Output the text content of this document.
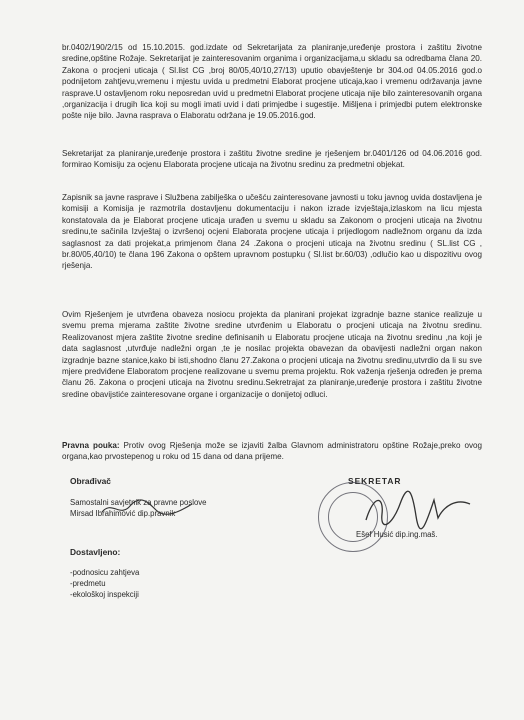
br.0402/190/2/15 od 15.10.2015. god.izdate od Sekretarijata za planiranje,uređenje prostora i zaštitu životne sredine,opštine Rožaje. Sekretarijat je zainteresovanim organima i organizacijama,u skladu sa odredbama člana 20. Zakona o procjeni uticaja ( Sl.list CG ,broj 80/05,40/10,27/13) uputio obavještenje br 304.od 04.05.2016 god.o podnijetom zahtjevu,vremenu i mjestu uvida u predmetni Elaborat procjene uticaja,kao i vremenu održavanja javne rasprave.U ostavljenom roku neposredan uvid u predmetni Elaborat procjene uticaja nije bilo zainteresovanih organa ,organizacija i drugih lica koji su mogli imati uvid i dati primjedbe i sugestije. Mišljena i primjedbi putem elektronske pošte nije bilo. Javna rasprava o Elaboratu održana je 19.05.2016.god.

Sekretarijat za planiranje,uređenje prostora i zaštitu životne sredine je rješenjem br.0401/126 od 04.06.2016 god. formirao Komisiju za ocjenu Elaborata procjene uticaja na životnu sredinu za predmetni objekat.

Zapisnik sa javne rasprave i Službena zabilješka o učešću zainteresovane javnosti u toku javnog uvida dostavljena je komisiji a Komisija je razmotrila dostavljenu dokumentaciju i nakon izrade izvještaja,izlaskom na licu mjesta konstatovala da je Elaborat procjene uticaja urađen u svemu u skladu sa Zakonom o procjeni uticaja na životnu sredinu,te sačinila Izvještaj o izvršenoj ocjeni Elaborata procjene uticaja i prijedlogom nadležnom organu da izda saglasnost za dati projekat,a primjenom člana 24 .Zakona o procjeni uticaja na životnu sredinu ( SL.list CG , br.80/05,40/10) te člana 196 Zakona o opštem upravnom postupku ( Sl.list br.60/03) ,odlučio kao u dispozitivu ovog rješenja.

Ovim Rješenjem je utvrđena obaveza nosiocu projekta da planirani projekat izgradnje bazne stanice realizuje u svemu prema mjerama zaštite životne sredine utvrđenim u Elaboratu o procjeni uticaja na životnu sredinu. Realizovanost mjera zaštite životne sredine definisanih u Elaboratu procjene uticaja na životnu sredinu ,na koji je data saglasnost ,utvrđuje nadležni organ ,te je nosilac projekta obavezan da obavijesti nadležni organ nakon izgradnje bazne stanice,kako bi isti,shodno članu 27.Zakona o procjeni uticaja na životnu sredinu,utvrdio da li su sve mjere predviđene Elaboratom procjene realizovane u svemu prema projektu. Rok važenja rješenja određen je prema članu 26. Zakona o procjeni uticaja na životnu sredinu.Sekretrajat za planiranje,uređenje prostora i zaštitu životne sredine obavijstiće zainteresovane organe i organizacije o donijetoj odluci.

Pravna pouka: Protiv ovog Rješenja može se izjaviti žalba Glavnom administratoru opštine Rožaje,preko ovog organa,kao prvostepenog u roku od 15 dana od dana prijeme.

Obrađivač

Samostalni savjetnik za pravne poslove

Mirsad Ibrahimović dip.pravnik

SEKRETAR

Ešef Husić dip.ing.maš.

Dostavljeno:

-podnosicu zahtjeva

-predmetu

-ekološkoj inspekciji
